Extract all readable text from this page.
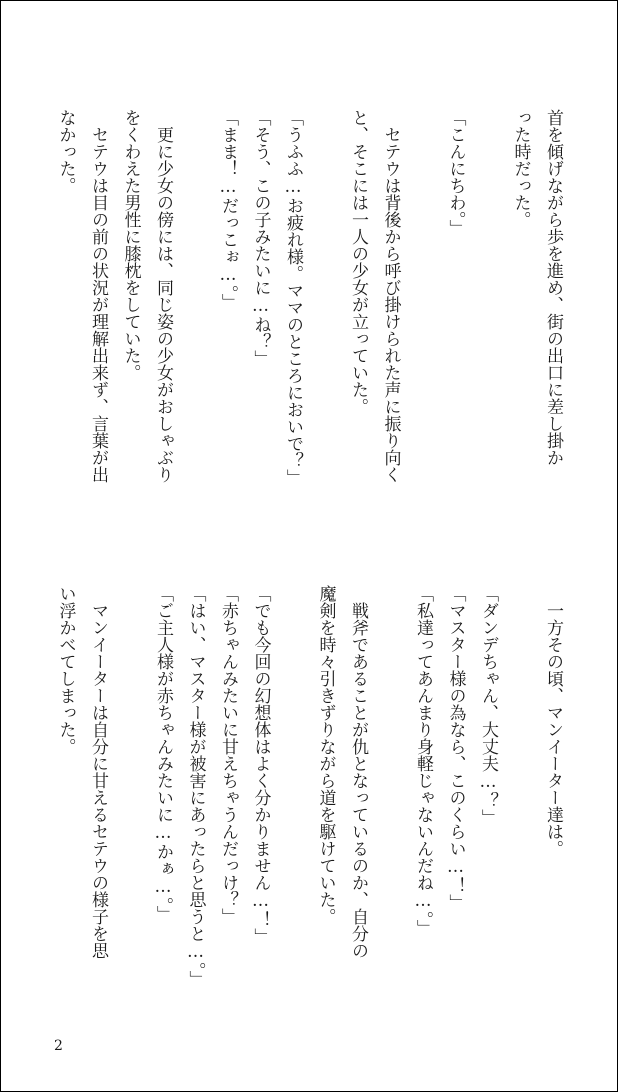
首を傾げながら歩を進め、街の出口に差し掛か
った時だった。

「こんにちわ。」

　セテウは背後から呼び掛けられた声に振り向く
と、そこには一人の少女が立っていた。

「うふふ…お疲れ様。ママのところにおいで？」
「そう、この子みたいに…ね？」
「まま！…だっこぉ…。」

　更に少女の傍には、同じ姿の少女がおしゃぶり
をくわえた男性に膝枕をしていた。
　セテウは目の前の状況が理解出来ず、言葉が出
なかった。
　一方その頃、マンイーター達は。

「ダンデちゃん、大丈夫…？」
「マスター様の為なら、このくらい…！」
「私達ってあんまり身軽じゃないんだね…。」

　戦斧であることが仇となっているのか、自分の
魔剣を時々引きずりながら道を駆けていた。

「でも今回の幻想体はよく分かりません…！」
「赤ちゃんみたいに甘えちゃうんだっけ？」
「はい、マスター様が被害にあったらと思うと…。」
「ご主人様が赤ちゃんみたいに…かぁ…。」

　マンイーターは自分に甘えるセテウの様子を思
い浮かべてしまった。
2
